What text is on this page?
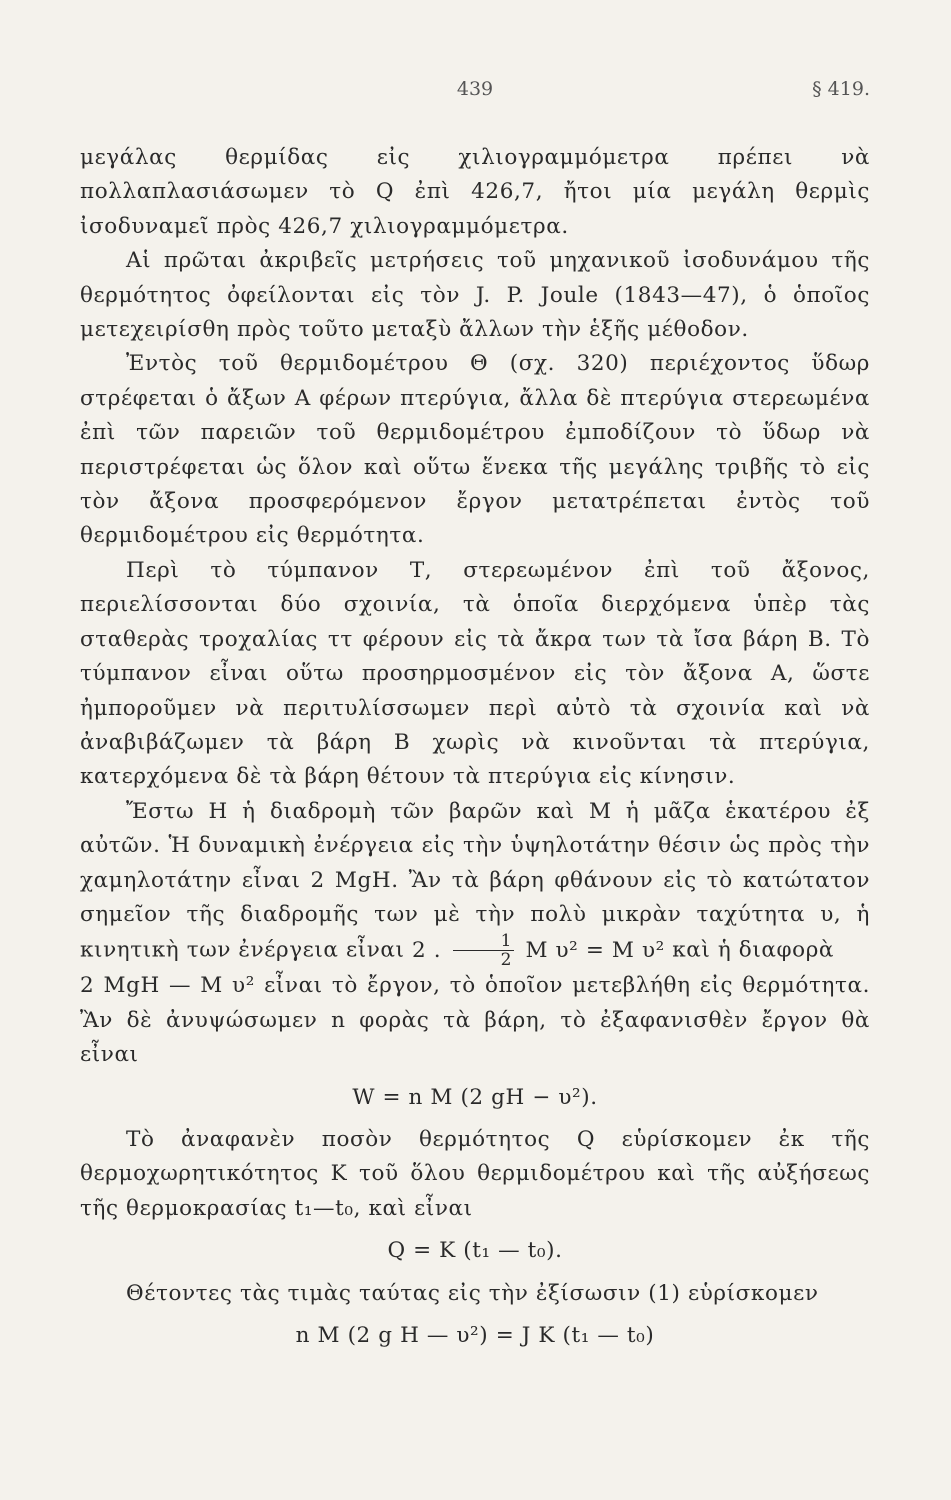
439	§ 419.

μεγάλας θερμίδας εἰς χιλιογραμμόμετρα πρέπει νὰ πολλαπλασιάσωμεν τὸ Q ἐπὶ 426,7, ἤτοι μία μεγάλη θερμὶς ἰσοδυναμεῖ πρὸς 426,7 χιλιογραμμόμετρα.

Αἱ πρῶται ἀκριβεῖς μετρήσεις τοῦ μηχανικοῦ ἰσοδυνάμου τῆς θερμότητος ὀφείλονται εἰς τὸν J. P. Joule (1843—47), ὁ ὁποῖος μετεχειρίσθη πρὸς τοῦτο μεταξὺ ἄλλων τὴν ἑξῆς μέθοδον.

Ἐντὸς τοῦ θερμιδομέτρου Θ (σχ. 320) περιέχοντος ὕδωρ στρέφεται ὁ ἄξων Α φέρων πτερύγια, ἄλλα δὲ πτερύγια στερεωμένα ἐπὶ τῶν παρειῶν τοῦ θερμιδομέτρου ἐμποδίζουν τὸ ὕδωρ νὰ περιστρέφεται ὡς ὅλον καὶ οὕτω ἕνεκα τῆς μεγάλης τριβῆς τὸ εἰς τὸν ἄξονα προσφερόμενον ἔργον μετατρέπεται ἐντὸς τοῦ θερμιδομέτρου εἰς θερμότητα.

Περὶ τὸ τύμπανον Τ, στερεωμένον ἐπὶ τοῦ ἄξονος, περιελίσσονται δύο σχοινία, τὰ ὁποῖα διερχόμενα ὑπὲρ τὰς σταθερὰς τροχαλίας ττ φέρουν εἰς τὰ ἄκρα των τὰ ἴσα βάρη Β. Τὸ τύμπανον εἶναι οὕτω προσηρμοσμένον εἰς τὸν ἄξονα Α, ὥστε ἠμποροῦμεν νὰ περιτυλίσσωμεν περὶ αὐτὸ τὰ σχοινία καὶ νὰ ἀναβιβάζωμεν τὰ βάρη Β χωρὶς νὰ κινοῦνται τὰ πτερύγια, κατερχόμενα δὲ τὰ βάρη θέτουν τὰ πτερύγια εἰς κίνησιν.

Ἔστω Η ἡ διαδρομὴ τῶν βαρῶν καὶ Μ ἡ μᾶζα ἑκατέρου ἐξ αὐτῶν. Ἡ δυναμικὴ ἐνέργεια εἰς τὴν ὑψηλοτάτην θέσιν ὡς πρὸς τὴν χαμηλοτάτην εἶναι 2 MgH. Ἂν τὰ βάρη φθάνουν εἰς τὸ κατώτατον σημεῖον τῆς διαδρομῆς των μὲ τὴν πολὺ μικρὰν ταχύτητα υ, ἡ κινητικὴ των ἐνέργεια εἶναι 2 . $\frac{1}{2}$ M υ² = M υ² καὶ ἡ διαφορὰ

2 MgH — M υ² εἶναι τὸ ἔργον, τὸ ὁποῖον μετεβλήθη εἰς θερμότητα. Ἂν δὲ ἀνυψώσωμεν n φορὰς τὰ βάρη, τὸ ἐξαφανισθὲν ἔργον θὰ εἶναι

W = n M (2 gH − υ²).

Τὸ ἀναφανὲν ποσὸν θερμότητος Q εὑρίσκομεν ἐκ τῆς θερμοχωρητικότητος Κ τοῦ ὅλου θερμιδομέτρου καὶ τῆς αὐξήσεως τῆς θερμοκρασίας t₁—t₀, καὶ εἶναι

Q = K (t₁ — t₀).

Θέτοντες τὰς τιμὰς ταύτας εἰς τὴν ἐξίσωσιν (1) εὑρίσκομεν

n M (2 g H — υ²) = J K (t₁ — t₀)
